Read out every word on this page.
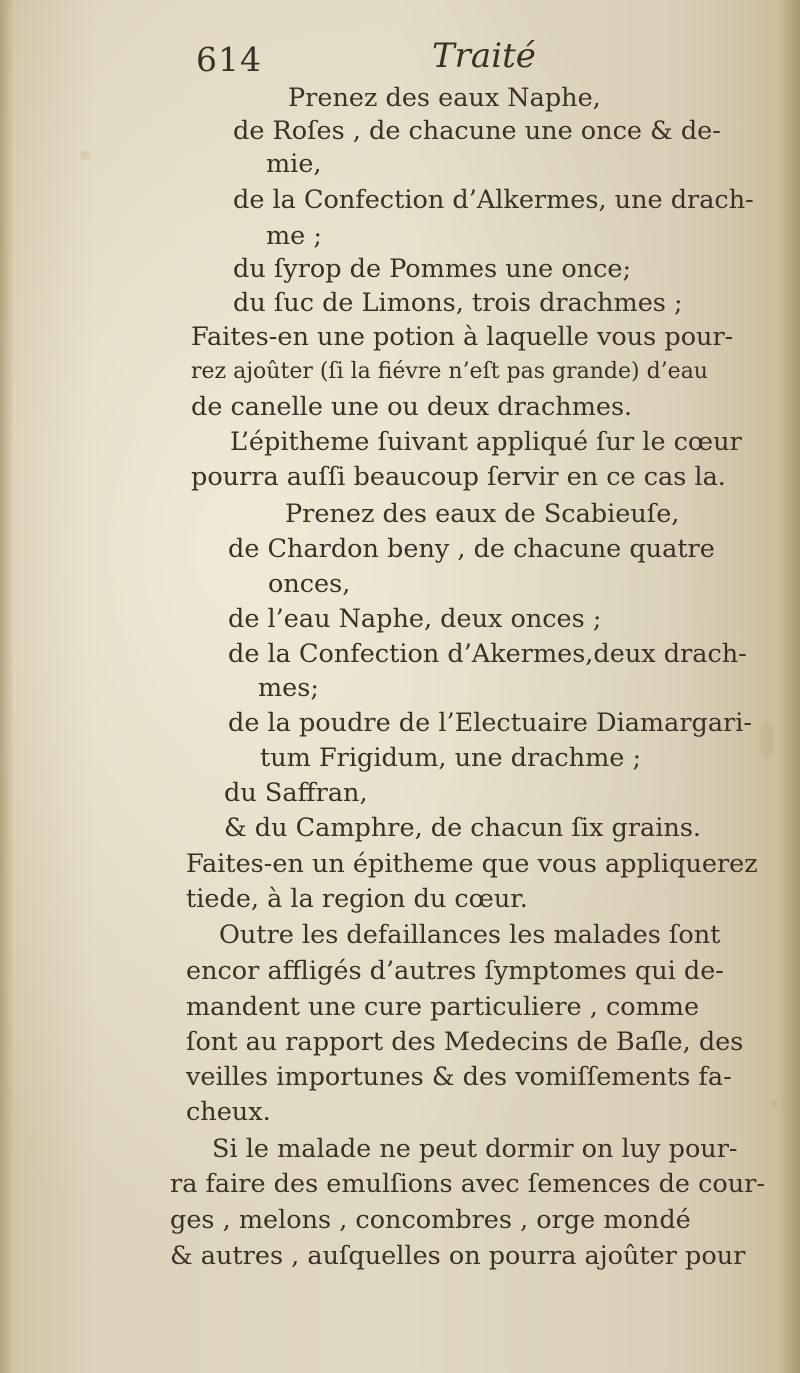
614	Traité
Prenez des eaux Naphe,
de Roſes , de chacune une once & de-
mie,
de la Confection d’Alkermes, une drach-
me ;
du ſyrop de Pommes une once;
du ſuc de Limons, trois drachmes ;
Faites-en une potion à laquelle vous pour-
rez ajoûter (ſi la fiévre n’eſt pas grande) d’eau
de canelle une ou deux drachmes.
L’épitheme ſuivant appliqué ſur le cœur
pourra auſſi beaucoup ſervir en ce cas la.
Prenez des eaux de Scabieuſe,
de Chardon beny , de chacune quatre
onces,
de l’eau Naphe, deux onces ;
de la Confection d’Akermes,deux drach-
mes;
de la poudre de l’Electuaire Diamargari-
tum Frigidum, une drachme ;
du Saffran,
& du Camphre, de chacun ſix grains.
Faites-en un épitheme que vous appliquerez
tiede, à la region du cœur.
Outre les defaillances les malades ſont
encor affligés d’autres ſymptomes qui de-
mandent une cure particuliere , comme
ſont au rapport des Medecins de Baſle, des
veilles importunes & des vomiſſements fa-
cheux.
Si le malade ne peut dormir on luy pour-
ra faire des emulſions avec ſemences de cour-
ges , melons , concombres , orge mondé
& autres , auſquelles on pourra ajoûter pour
